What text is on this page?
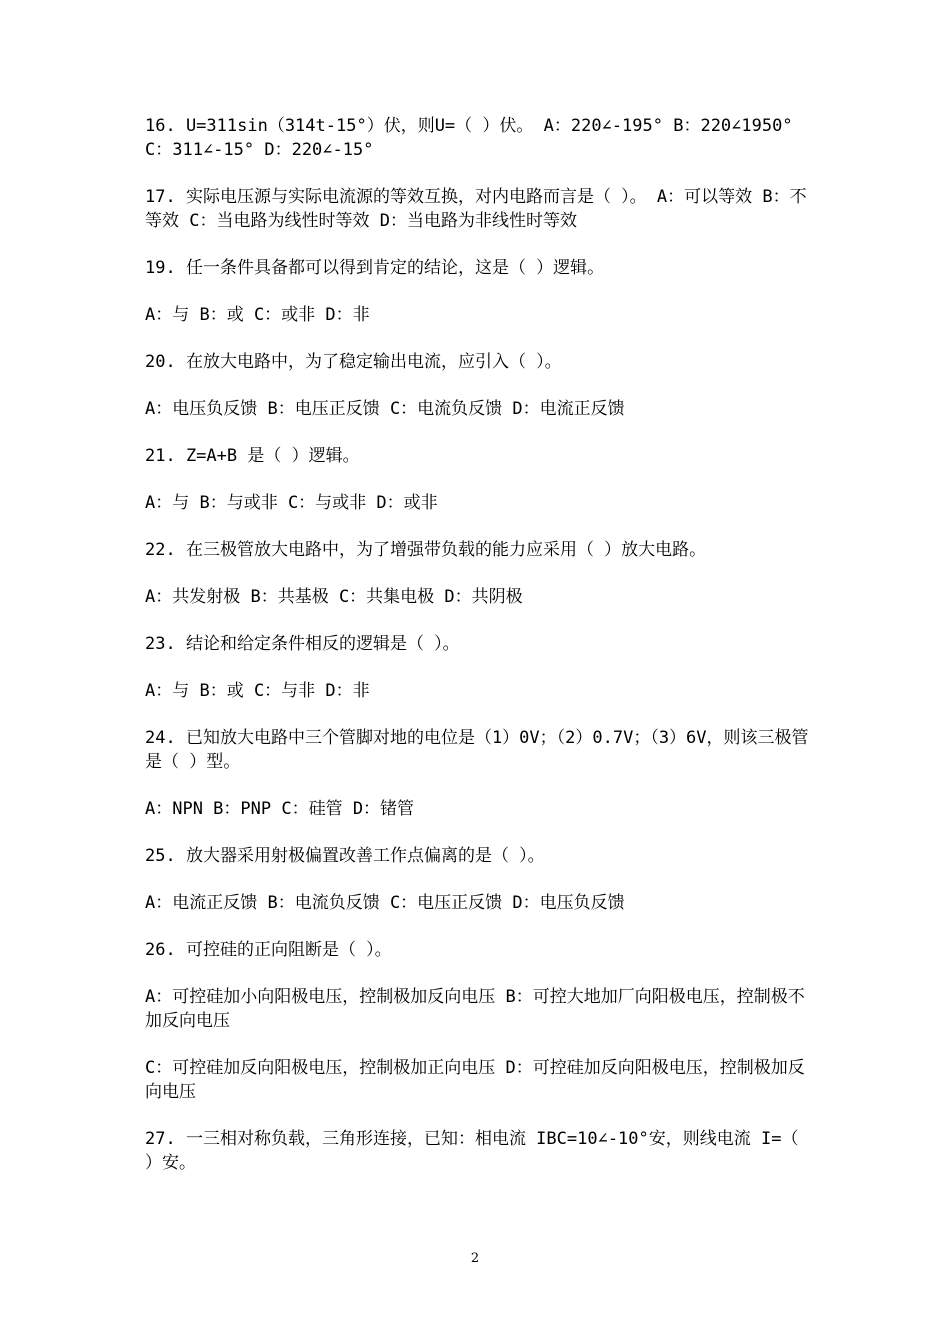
16. U=311sin（314t-15°）伏，则U=（ ）伏。 A：220∠-195° B：220∠1950° C：311∠-15° D：220∠-15°

17. 实际电压源与实际电流源的等效互换，对内电路而言是（ ）。 A：可以等效 B：不等效 C：当电路为线性时等效 D：当电路为非线性时等效

19. 任一条件具备都可以得到肯定的结论，这是（ ）逻辑。

A：与 B：或 C：或非 D：非

20. 在放大电路中，为了稳定输出电流，应引入（ ）。

A：电压负反馈 B：电压正反馈 C：电流负反馈 D：电流正反馈

21. Z=A+B 是（ ）逻辑。

A：与 B：与或非 C：与或非 D：或非

22. 在三极管放大电路中，为了增强带负载的能力应采用（ ）放大电路。

A：共发射极 B：共基极 C：共集电极 D：共阴极

23. 结论和给定条件相反的逻辑是（ ）。

A：与 B：或 C：与非 D：非

24. 已知放大电路中三个管脚对地的电位是（1）0V；（2）0.7V；（3）6V，则该三极管是（ ）型。

A：NPN B：PNP C：硅管 D：锗管

25. 放大器采用射极偏置改善工作点偏离的是（ ）。

A：电流正反馈 B：电流负反馈 C：电压正反馈 D：电压负反馈

26. 可控硅的正向阻断是（ ）。

A：可控硅加小向阳极电压，控制极加反向电压 B：可控大地加厂向阳极电压，控制极不加反向电压

C：可控硅加反向阳极电压，控制极加正向电压 D：可控硅加反向阳极电压，控制极加反向电压

27. 一三相对称负载，三角形连接，已知：相电流 IBC=10∠-10°安，则线电流 I=（ ）安。

2
